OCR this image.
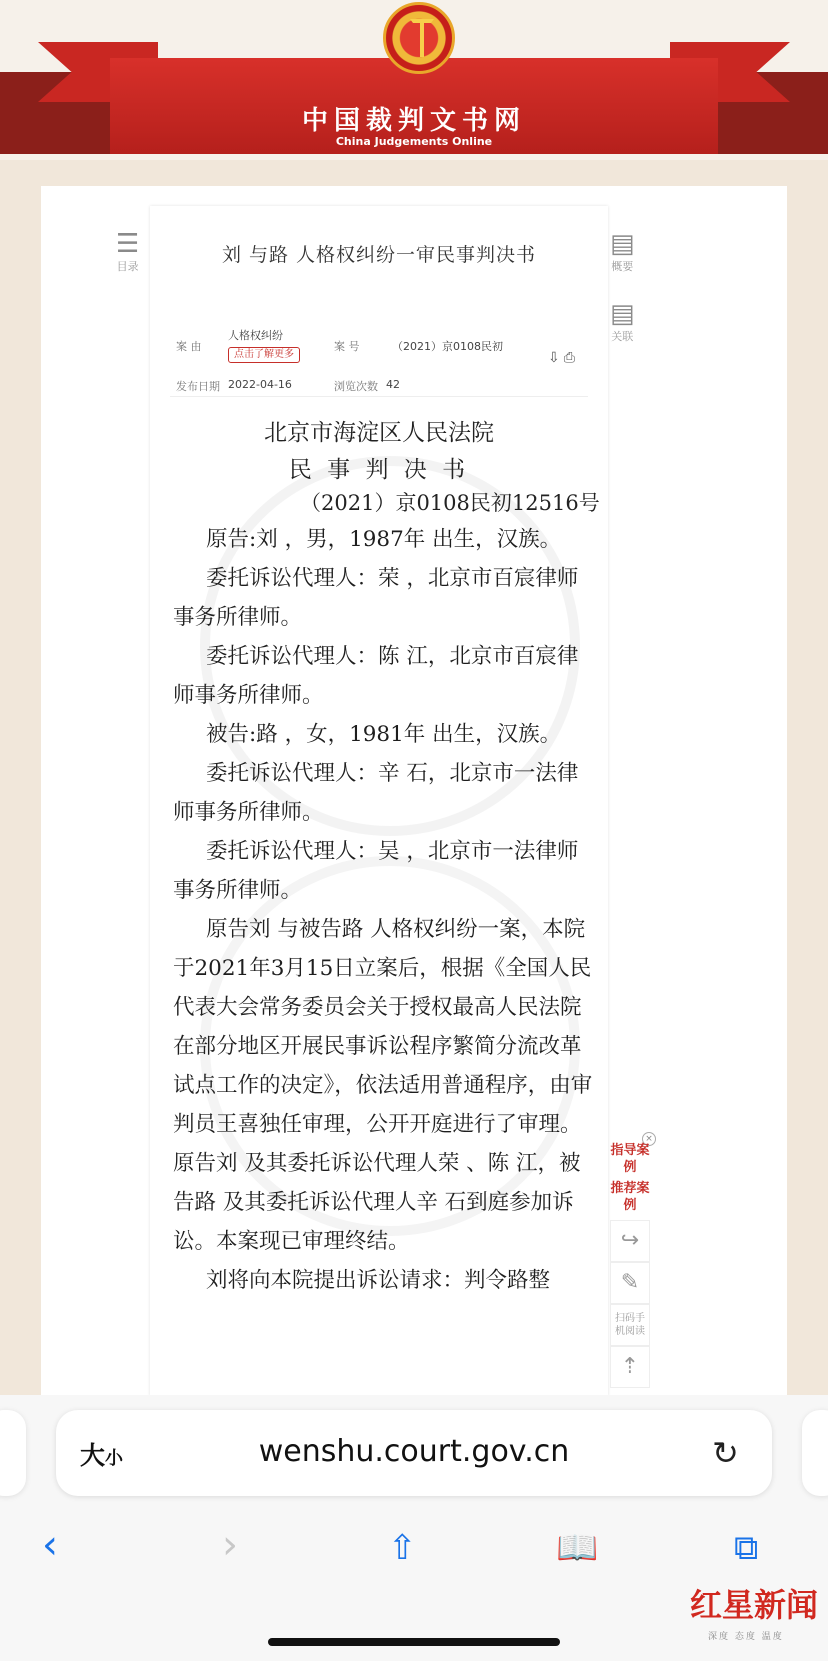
中国裁判文书网
China Judgements Online
☰
目录
▤
概要
▤
关联
刘 与路 人格权纠纷一审民事判决书
案 由
人格权纠纷
点击了解更多
案 号	（2021）京0108民初
⇩⎙
发布日期 2022-04-16	浏览次数 42
北京市海淀区人民法院
民 事 判 决 书
（2021）京0108民初12516号

原告:刘 ，男，1987年 出生，汉族。

委托诉讼代理人：荣 ，北京市百宸律师事务所律师。

委托诉讼代理人：陈 江，北京市百宸律师事务所律师。

被告:路 ，女，1981年 出生，汉族。

委托诉讼代理人：辛 石，北京市一法律师事务所律师。

委托诉讼代理人：吴 ，北京市一法律师事务所律师。

原告刘 与被告路 人格权纠纷一案，本院于2021年3月15日立案后，根据《全国人民代表大会常务委员会关于授权最高人民法院在部分地区开展民事诉讼程序繁简分流改革试点工作的决定》，依法适用普通程序，由审判员王喜独任审理，公开开庭进行了审理。原告刘 及其委托诉讼代理人荣 、陈 江，被告路 及其委托诉讼代理人辛 石到庭参加诉讼。本案现已审理终结。

刘将向本院提出诉讼请求：判令路整

×
指导案例
推荐案例
↪
✎
扫码手机阅读
⇡
大小	wenshu.court.gov.cn	↻
‹	›	⇧	📖	⧉
红星新闻
深度 态度 温度
